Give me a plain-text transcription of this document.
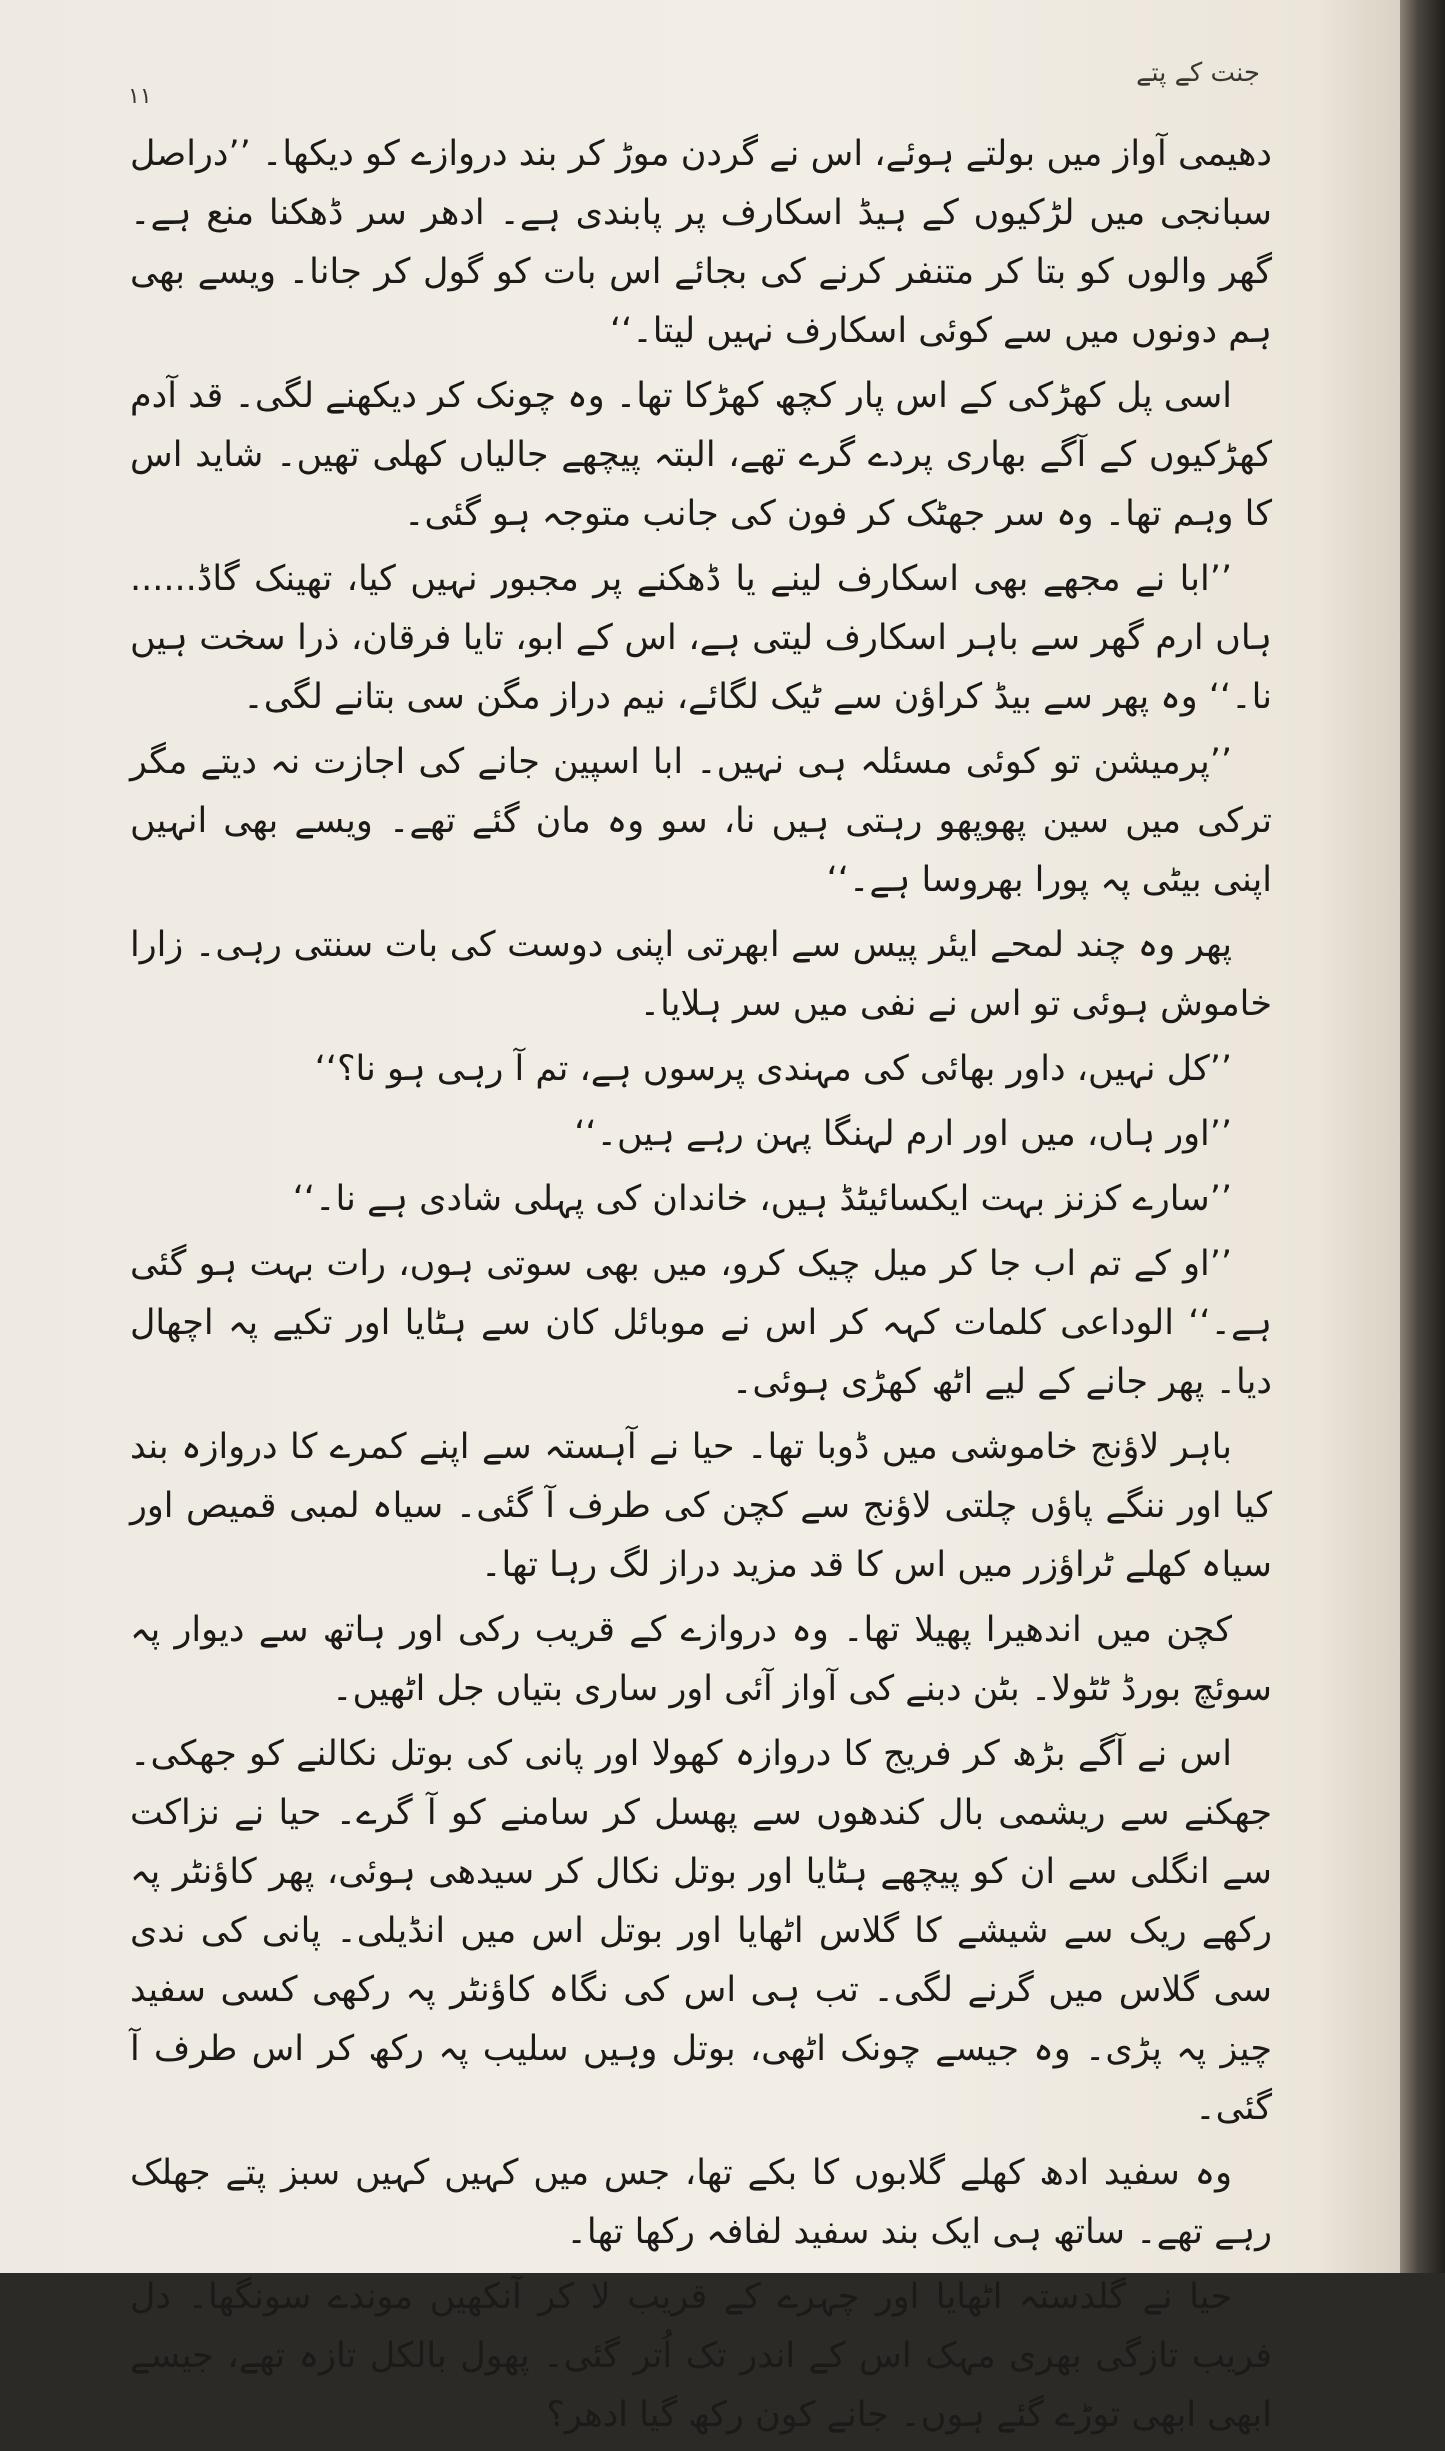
جنت کے پتے
۱۱

دھیمی آواز میں بولتے ہوئے، اس نے گردن موڑ کر بند دروازے کو دیکھا۔ ’’دراصل سبانجی میں لڑکیوں کے ہیڈ اسکارف پر پابندی ہے۔ ادھر سر ڈھکنا منع ہے۔ گھر والوں کو بتا کر متنفر کرنے کی بجائے اس بات کو گول کر جانا۔ ویسے بھی ہم دونوں میں سے کوئی اسکارف نہیں لیتا۔‘‘

اسی پل کھڑکی کے اس پار کچھ کھڑکا تھا۔ وہ چونک کر دیکھنے لگی۔ قد آدم کھڑکیوں کے آگے بھاری پردے گرے تھے، البتہ پیچھے جالیاں کھلی تھیں۔ شاید اس کا وہم تھا۔ وہ سر جھٹک کر فون کی جانب متوجہ ہو گئی۔

’’ابا نے مجھے بھی اسکارف لینے یا ڈھکنے پر مجبور نہیں کیا، تھینک گاڈ...... ہاں ارم گھر سے باہر اسکارف لیتی ہے، اس کے ابو، تایا فرقان، ذرا سخت ہیں نا۔‘‘ وہ پھر سے بیڈ کراؤن سے ٹیک لگائے، نیم دراز مگن سی بتانے لگی۔

’’پرمیشن تو کوئی مسئلہ ہی نہیں۔ ابا اسپین جانے کی اجازت نہ دیتے مگر ترکی میں سین پھوپھو رہتی ہیں نا، سو وہ مان گئے تھے۔ ویسے بھی انہیں اپنی بیٹی پہ پورا بھروسا ہے۔‘‘

پھر وہ چند لمحے ایئر پیس سے ابھرتی اپنی دوست کی بات سنتی رہی۔ زارا خاموش ہوئی تو اس نے نفی میں سر ہلایا۔

’’کل نہیں، داور بھائی کی مہندی پرسوں ہے، تم آ رہی ہو نا؟‘‘

’’اور ہاں، میں اور ارم لہنگا پہن رہے ہیں۔‘‘

’’سارے کزنز بہت ایکسائیٹڈ ہیں، خاندان کی پہلی شادی ہے نا۔‘‘

’’او کے تم اب جا کر میل چیک کرو، میں بھی سوتی ہوں، رات بہت ہو گئی ہے۔‘‘ الوداعی کلمات کہہ کر اس نے موبائل کان سے ہٹایا اور تکیے پہ اچھال دیا۔ پھر جانے کے لیے اٹھ کھڑی ہوئی۔

باہر لاؤنج خاموشی میں ڈوبا تھا۔ حیا نے آہستہ سے اپنے کمرے کا دروازہ بند کیا اور ننگے پاؤں چلتی لاؤنج سے کچن کی طرف آ گئی۔ سیاہ لمبی قمیص اور سیاہ کھلے ٹراؤزر میں اس کا قد مزید دراز لگ رہا تھا۔

کچن میں اندھیرا پھیلا تھا۔ وہ دروازے کے قریب رکی اور ہاتھ سے دیوار پہ سوئچ بورڈ ٹٹولا۔ بٹن دبنے کی آواز آئی اور ساری بتیاں جل اٹھیں۔

اس نے آگے بڑھ کر فریج کا دروازہ کھولا اور پانی کی بوتل نکالنے کو جھکی۔ جھکنے سے ریشمی بال کندھوں سے پھسل کر سامنے کو آ گرے۔ حیا نے نزاکت سے انگلی سے ان کو پیچھے ہٹایا اور بوتل نکال کر سیدھی ہوئی، پھر کاؤنٹر پہ رکھے ریک سے شیشے کا گلاس اٹھایا اور بوتل اس میں انڈیلی۔ پانی کی ندی سی گلاس میں گرنے لگی۔ تب ہی اس کی نگاہ کاؤنٹر پہ رکھی کسی سفید چیز پہ پڑی۔ وہ جیسے چونک اٹھی، بوتل وہیں سلیب پہ رکھ کر اس طرف آ گئی۔

وہ سفید ادھ کھلے گلابوں کا بکے تھا، جس میں کہیں کہیں سبز پتے جھلک رہے تھے۔ ساتھ ہی ایک بند سفید لفافہ رکھا تھا۔

حیا نے گلدستہ اٹھایا اور چہرے کے قریب لا کر آنکھیں موندے سونگھا۔ دل فریب تازگی بھری مہک اس کے اندر تک اُتر گئی۔ پھول بالکل تازہ تھے، جیسے ابھی ابھی توڑے گئے ہوں۔ جانے کون رکھ گیا ادھر؟
